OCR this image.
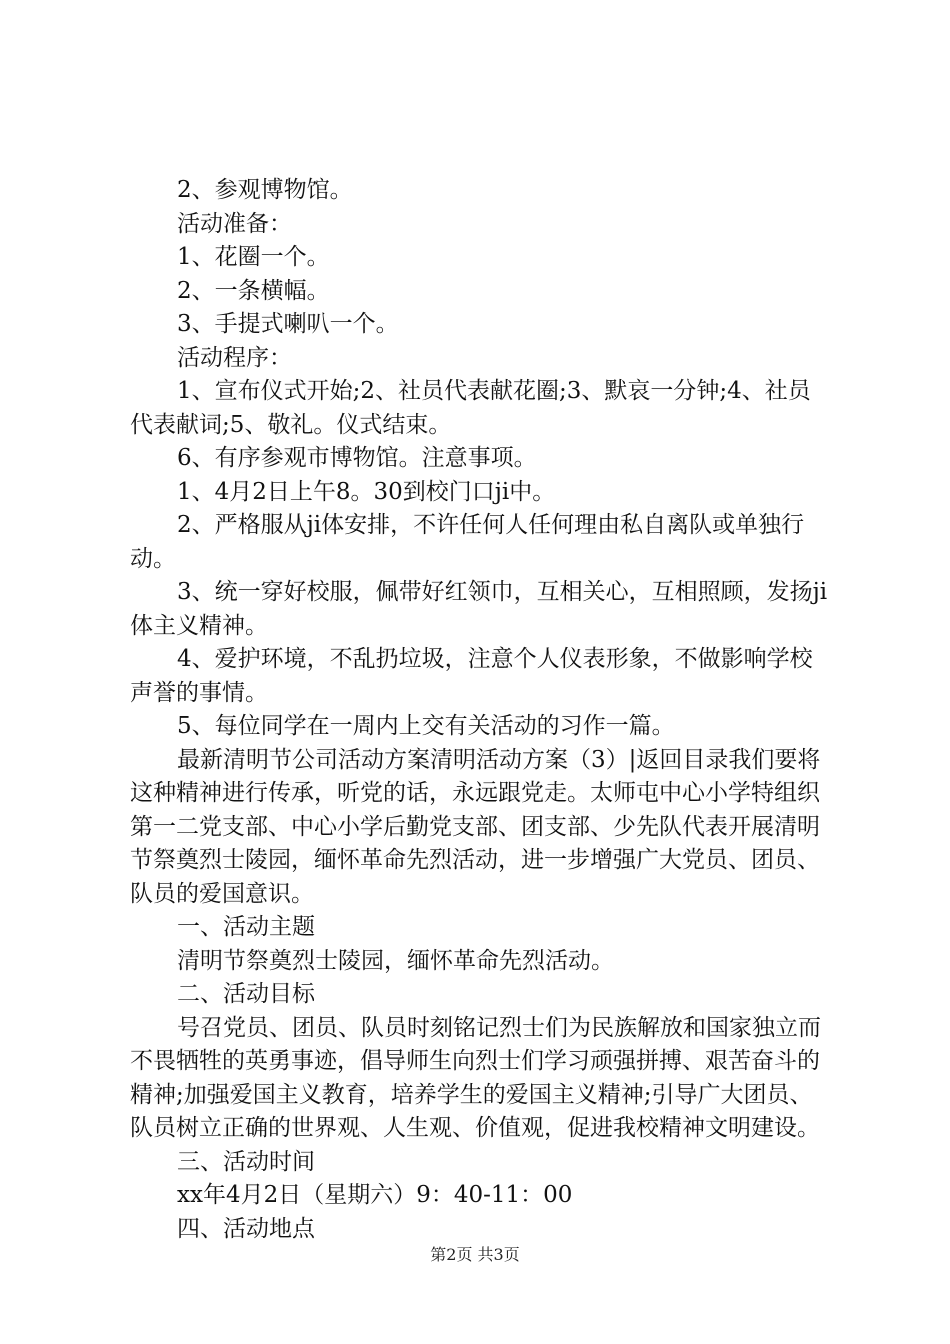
2、参观博物馆。

活动准备：

1、花圈一个。

2、一条横幅。

3、手提式喇叭一个。

活动程序：

1、宣布仪式开始;2、社员代表献花圈;3、默哀一分钟;4、社员代表献词;5、敬礼。仪式结束。

6、有序参观市博物馆。注意事项。

1、4月2日上午8。30到校门口ji中。

2、严格服从ji体安排，不许任何人任何理由私自离队或单独行动。

3、统一穿好校服，佩带好红领巾，互相关心，互相照顾，发扬ji体主义精神。

4、爱护环境，不乱扔垃圾，注意个人仪表形象，不做影响学校声誉的事情。

5、每位同学在一周内上交有关活动的习作一篇。

最新清明节公司活动方案清明活动方案（3）|返回目录我们要将这种精神进行传承，听党的话，永远跟党走。太师屯中心小学特组织第一二党支部、中心小学后勤党支部、团支部、少先队代表开展清明节祭奠烈士陵园，缅怀革命先烈活动，进一步增强广大党员、团员、队员的爱国意识。

一、活动主题

清明节祭奠烈士陵园，缅怀革命先烈活动。

二、活动目标

号召党员、团员、队员时刻铭记烈士们为民族解放和国家独立而不畏牺牲的英勇事迹，倡导师生向烈士们学习顽强拼搏、艰苦奋斗的精神;加强爱国主义教育，培养学生的爱国主义精神;引导广大团员、队员树立正确的世界观、人生观、价值观，促进我校精神文明建设。

三、活动时间

xx年4月2日（星期六）9：40-11：00

四、活动地点

第2页 共3页
